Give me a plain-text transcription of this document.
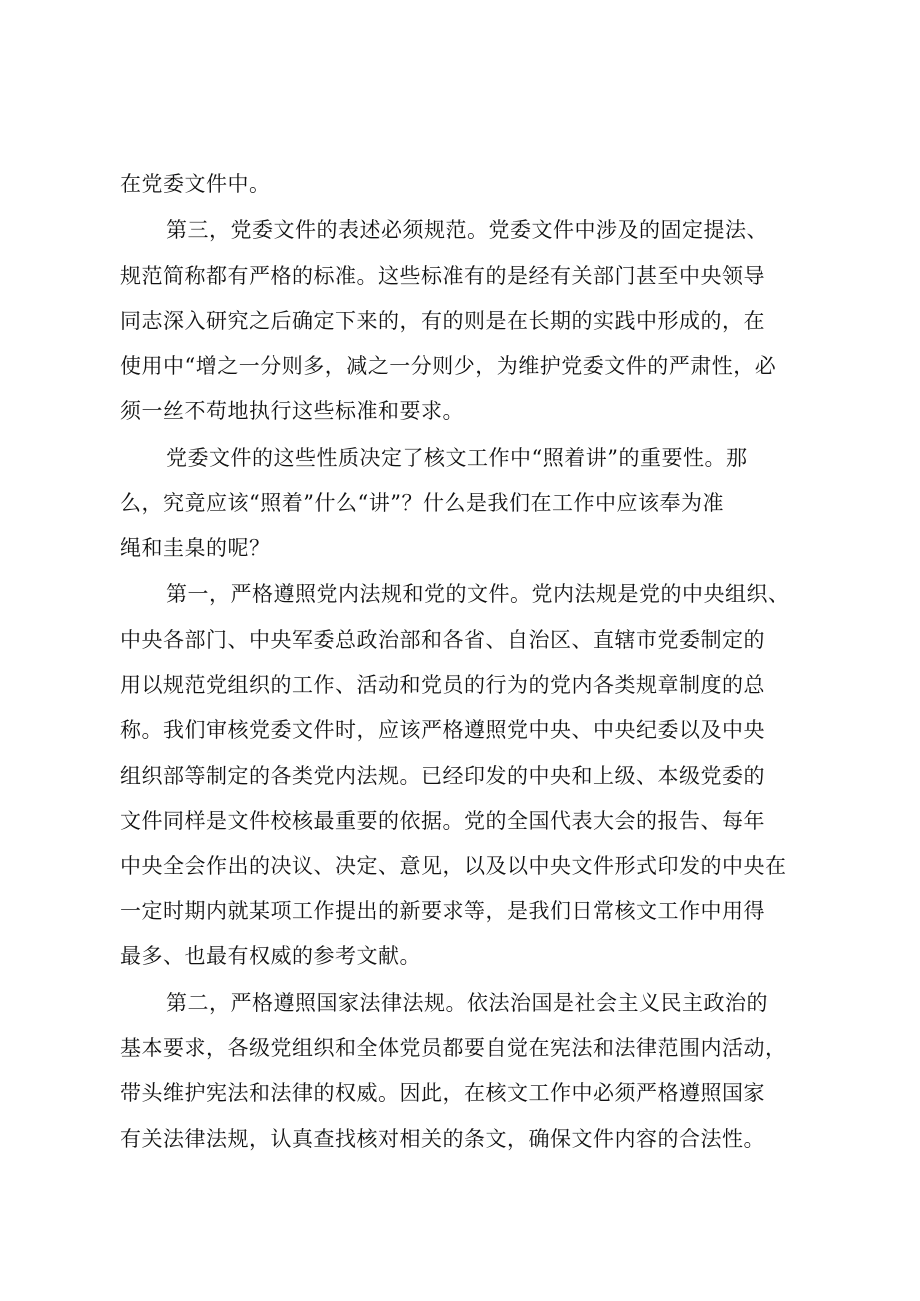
在党委文件中。
第三，党委文件的表述必须规范。党委文件中涉及的固定提法、
规范简称都有严格的标准。这些标准有的是经有关部门甚至中央领导
同志深入研究之后确定下来的，有的则是在长期的实践中形成的，在
使用中“增之一分则多，减之一分则少，为维护党委文件的严肃性，必
须一丝不苟地执行这些标准和要求。
党委文件的这些性质决定了核文工作中“照着讲”的重要性。那
么，究竟应该“照着”什么“讲”？什么是我们在工作中应该奉为准
绳和圭臬的呢？
第一，严格遵照党内法规和党的文件。党内法规是党的中央组织、
中央各部门、中央军委总政治部和各省、自治区、直辖市党委制定的
用以规范党组织的工作、活动和党员的行为的党内各类规章制度的总
称。我们审核党委文件时，应该严格遵照党中央、中央纪委以及中央
组织部等制定的各类党内法规。已经印发的中央和上级、本级党委的
文件同样是文件校核最重要的依据。党的全国代表大会的报告、每年
中央全会作出的决议、决定、意见，以及以中央文件形式印发的中央在
一定时期内就某项工作提出的新要求等，是我们日常核文工作中用得
最多、也最有权威的参考文献。
第二，严格遵照国家法律法规。依法治国是社会主义民主政治的
基本要求，各级党组织和全体党员都要自觉在宪法和法律范围内活动，
带头维护宪法和法律的权威。因此，在核文工作中必须严格遵照国家
有关法律法规，认真查找核对相关的条文，确保文件内容的合法性。
